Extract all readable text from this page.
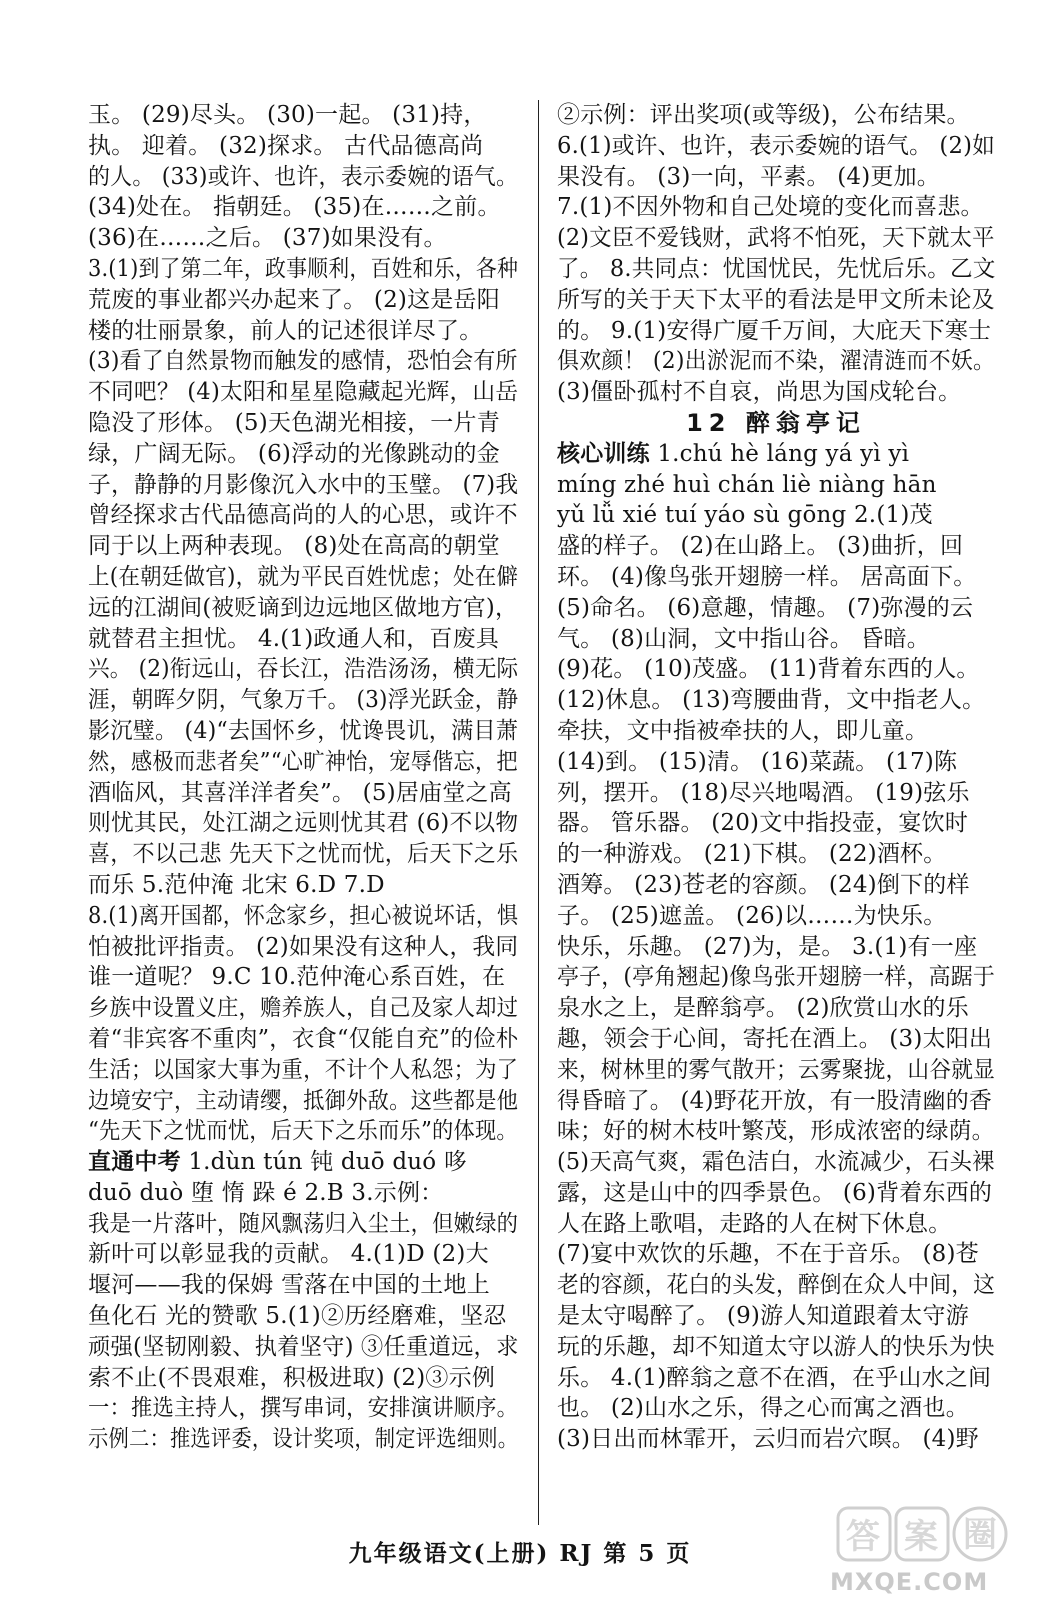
玉。 (29)尽头。 (30)一起。 (31)持，
执。 迎着。 (32)探求。 古代品德高尚
的人。 (33)或许、也许，表示委婉的语气。
(34)处在。 指朝廷。 (35)在……之前。
(36)在……之后。 (37)如果没有。
3.(1)到了第二年，政事顺利，百姓和乐，各种
荒废的事业都兴办起来了。 (2)这是岳阳
楼的壮丽景象，前人的记述很详尽了。
(3)看了自然景物而触发的感情，恐怕会有所
不同吧？ (4)太阳和星星隐藏起光辉，山岳
隐没了形体。 (5)天色湖光相接，一片青
绿，广阔无际。 (6)浮动的光像跳动的金
子，静静的月影像沉入水中的玉璧。 (7)我
曾经探求古代品德高尚的人的心思，或许不
同于以上两种表现。 (8)处在高高的朝堂
上(在朝廷做官)，就为平民百姓忧虑；处在僻
远的江湖间(被贬谪到边远地区做地方官)，
就替君主担忧。 4.(1)政通人和，百废具
兴。 (2)衔远山，吞长江，浩浩汤汤，横无际
涯，朝晖夕阴，气象万千。 (3)浮光跃金，静
影沉璧。 (4)“去国怀乡，忧谗畏讥，满目萧
然，感极而悲者矣”“心旷神怡，宠辱偕忘，把
酒临风，其喜洋洋者矣”。 (5)居庙堂之高
则忧其民，处江湖之远则忧其君 (6)不以物
喜，不以己悲 先天下之忧而忧，后天下之乐
而乐 5.范仲淹 北宋 6.D 7.D
8.(1)离开国都，怀念家乡，担心被说坏话，惧
怕被批评指责。 (2)如果没有这种人，我同
谁一道呢？ 9.C 10.范仲淹心系百姓，在
乡族中设置义庄，赡养族人，自己及家人却过
着“非宾客不重肉”，衣食“仅能自充”的俭朴
生活；以国家大事为重，不计个人私怨；为了
边境安宁，主动请缨，抵御外敌。这些都是他
“先天下之忧而忧，后天下之乐而乐”的体现。
直通中考 1.dùn tún 钝 duō duó 哆
duō duò 堕 惰 跺 é 2.B 3.示例：
我是一片落叶，随风飘荡归入尘土，但嫩绿的
新叶可以彰显我的贡献。 4.(1)D (2)大
堰河——我的保姆 雪落在中国的土地上
鱼化石 光的赞歌 5.(1)②历经磨难，坚忍
顽强(坚韧刚毅、执着坚守) ③任重道远，求
索不止(不畏艰难，积极进取) (2)③示例
一：推选主持人，撰写串词，安排演讲顺序。
示例二：推选评委，设计奖项，制定评选细则。
②示例：评出奖项(或等级)，公布结果。
6.(1)或许、也许，表示委婉的语气。 (2)如
果没有。 (3)一向，平素。 (4)更加。
7.(1)不因外物和自己处境的变化而喜悲。
(2)文臣不爱钱财，武将不怕死，天下就太平
了。 8.共同点：忧国忧民，先忧后乐。乙文
所写的关于天下太平的看法是甲文所未论及
的。 9.(1)安得广厦千万间，大庇天下寒士
俱欢颜！ (2)出淤泥而不染，濯清涟而不妖。
(3)僵卧孤村不自哀，尚思为国戍轮台。
12 醉翁亭记
核心训练 1.chú hè láng yá yì yì
míng zhé huì chán liè niàng hān
yǔ lǚ xié tuí yáo sù gōng 2.(1)茂
盛的样子。 (2)在山路上。 (3)曲折，回
环。 (4)像鸟张开翅膀一样。 居高面下。
(5)命名。 (6)意趣，情趣。 (7)弥漫的云
气。 (8)山洞，文中指山谷。 昏暗。
(9)花。 (10)茂盛。 (11)背着东西的人。
(12)休息。 (13)弯腰曲背，文中指老人。
牵扶，文中指被牵扶的人，即儿童。
(14)到。 (15)清。 (16)菜蔬。 (17)陈
列，摆开。 (18)尽兴地喝酒。 (19)弦乐
器。 管乐器。 (20)文中指投壶，宴饮时
的一种游戏。 (21)下棋。 (22)酒杯。
酒筹。 (23)苍老的容颜。 (24)倒下的样
子。 (25)遮盖。 (26)以……为快乐。
快乐，乐趣。 (27)为，是。 3.(1)有一座
亭子，(亭角翘起)像鸟张开翅膀一样，高踞于
泉水之上，是醉翁亭。 (2)欣赏山水的乐
趣，领会于心间，寄托在酒上。 (3)太阳出
来，树林里的雾气散开；云雾聚拢，山谷就显
得昏暗了。 (4)野花开放，有一股清幽的香
味；好的树木枝叶繁茂，形成浓密的绿荫。
(5)天高气爽，霜色洁白，水流减少，石头裸
露，这是山中的四季景色。 (6)背着东西的
人在路上歌唱，走路的人在树下休息。
(7)宴中欢饮的乐趣，不在于音乐。 (8)苍
老的容颜，花白的头发，醉倒在众人中间，这
是太守喝醉了。 (9)游人知道跟着太守游
玩的乐趣，却不知道太守以游人的快乐为快
乐。 4.(1)醉翁之意不在酒，在乎山水之间
也。 (2)山水之乐，得之心而寓之酒也。
(3)日出而林霏开，云归而岩穴暝。 (4)野
九年级语文(上册) RJ 第 5 页	答 案 圈
MXQE.COM
